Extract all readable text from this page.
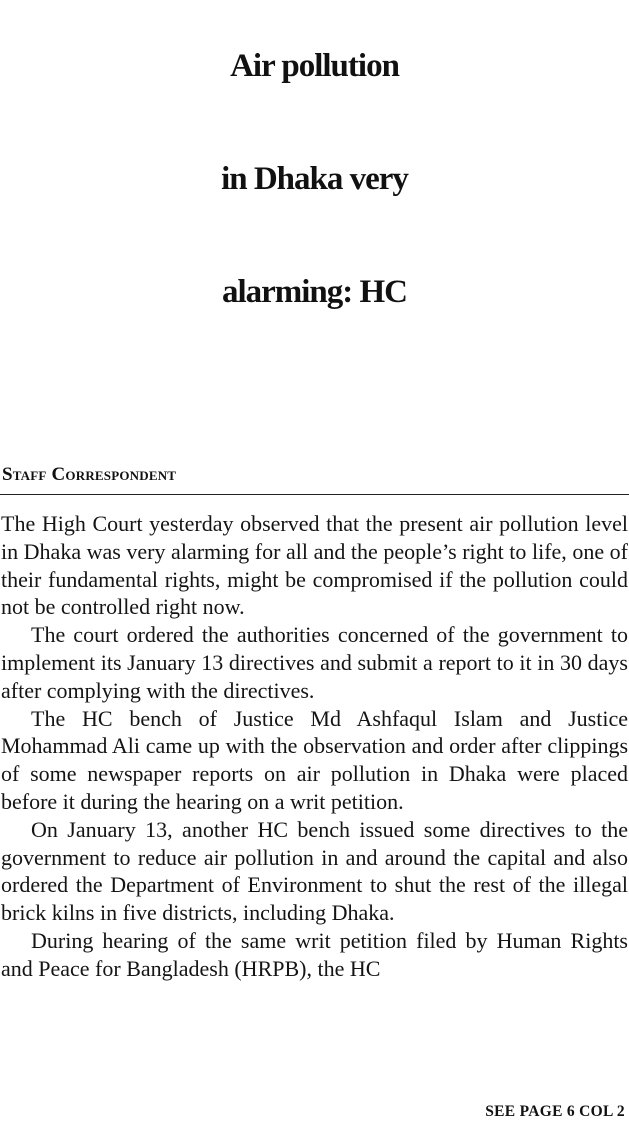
Air pollution
in Dhaka very
alarming: HC
Staff Correspondent

The High Court yesterday observed that the present air pollution level in Dhaka was very alarming for all and the people’s right to life, one of their fundamental rights, might be compromised if the pollution could not be controlled right now.

The court ordered the authorities concerned of the government to implement its January 13 directives and submit a report to it in 30 days after complying with the directives.

The HC bench of Justice Md Ashfaqul Islam and Justice Mohammad Ali came up with the observation and order after clippings of some newspaper reports on air pollution in Dhaka were placed before it during the hearing on a writ petition.

On January 13, another HC bench issued some directives to the government to reduce air pollution in and around the capital and also ordered the Department of Environment to shut the rest of the illegal brick kilns in five districts, including Dhaka.

During hearing of the same writ petition filed by Human Rights and Peace for Bangladesh (HRPB), the HC

SEE PAGE 6 COL 2
